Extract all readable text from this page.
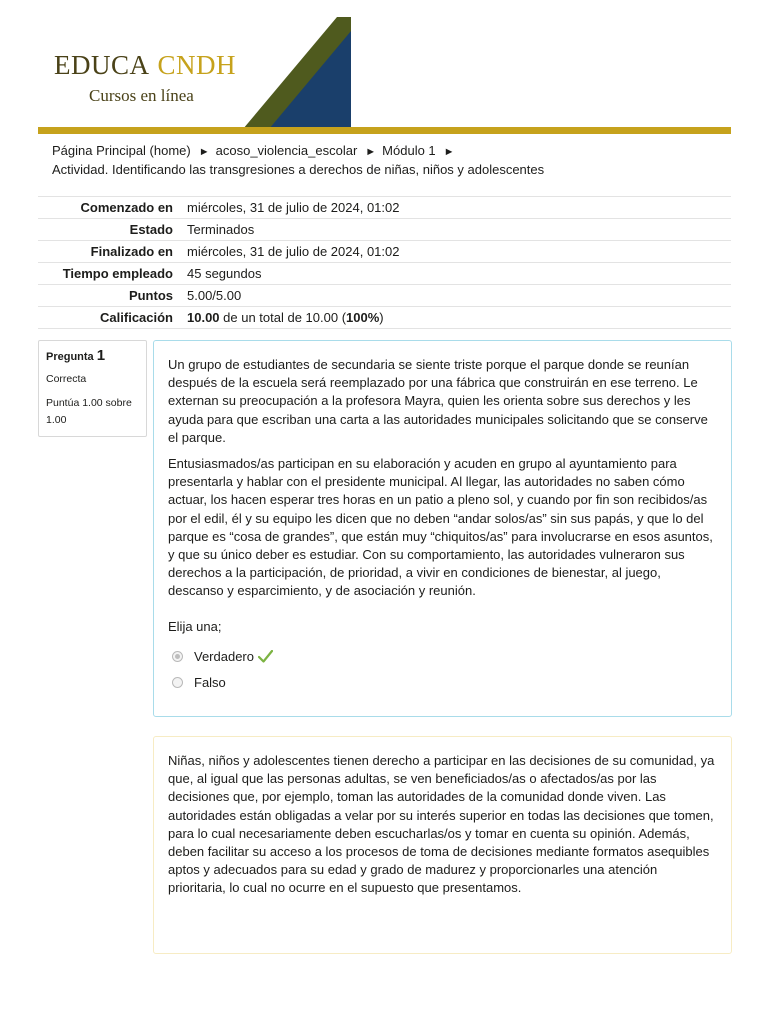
EDUCA CNDH
Cursos en línea
Página Principal (home) ► acoso_violencia_escolar ► Módulo 1 ►
Actividad. Identificando las transgresiones a derechos de niñas, niños y adolescentes
Comenzado en	miércoles, 31 de julio de 2024, 01:02
Estado	Terminados
Finalizado en	miércoles, 31 de julio de 2024, 01:02
Tiempo empleado	45 segundos
Puntos	5.00/5.00
Calificación	10.00 de un total de 10.00 (100%)
Pregunta 1
Correcta
Puntúa 1.00 sobre 1.00

Un grupo de estudiantes de secundaria se siente triste porque el parque donde se reunían después de la escuela será reemplazado por una fábrica que construirán en ese terreno. Le externan su preocupación a la profesora Mayra, quien les orienta sobre sus derechos y les ayuda para que escriban una carta a las autoridades municipales solicitando que se conserve el parque.

Entusiasmados/as participan en su elaboración y acuden en grupo al ayuntamiento para presentarla y hablar con el presidente municipal. Al llegar, las autoridades no saben cómo actuar, los hacen esperar tres horas en un patio a pleno sol, y cuando por fin son recibidos/as por el edil, él y su equipo les dicen que no deben “andar solos/as” sin sus papás, y que lo del parque es “cosa de grandes”, que están muy “chiquitos/as” para involucrarse en esos asuntos, y que su único deber es estudiar. Con su comportamiento, las autoridades vulneraron sus derechos a la participación, de prioridad, a vivir en condiciones de bienestar, al juego, descanso y esparcimiento, y de asociación y reunión.

Elija una;
Verdadero
Falso

Niñas, niños y adolescentes tienen derecho a participar en las decisiones de su comunidad, ya que, al igual que las personas adultas, se ven beneficiados/as o afectados/as por las decisiones que, por ejemplo, toman las autoridades de la comunidad donde viven. Las autoridades están obligadas a velar por su interés superior en todas las decisiones que tomen, para lo cual necesariamente deben escucharlas/os y tomar en cuenta su opinión. Además, deben facilitar su acceso a los procesos de toma de decisiones mediante formatos asequibles aptos y adecuados para su edad y grado de madurez y proporcionarles una atención prioritaria, lo cual no ocurre en el supuesto que presentamos.
